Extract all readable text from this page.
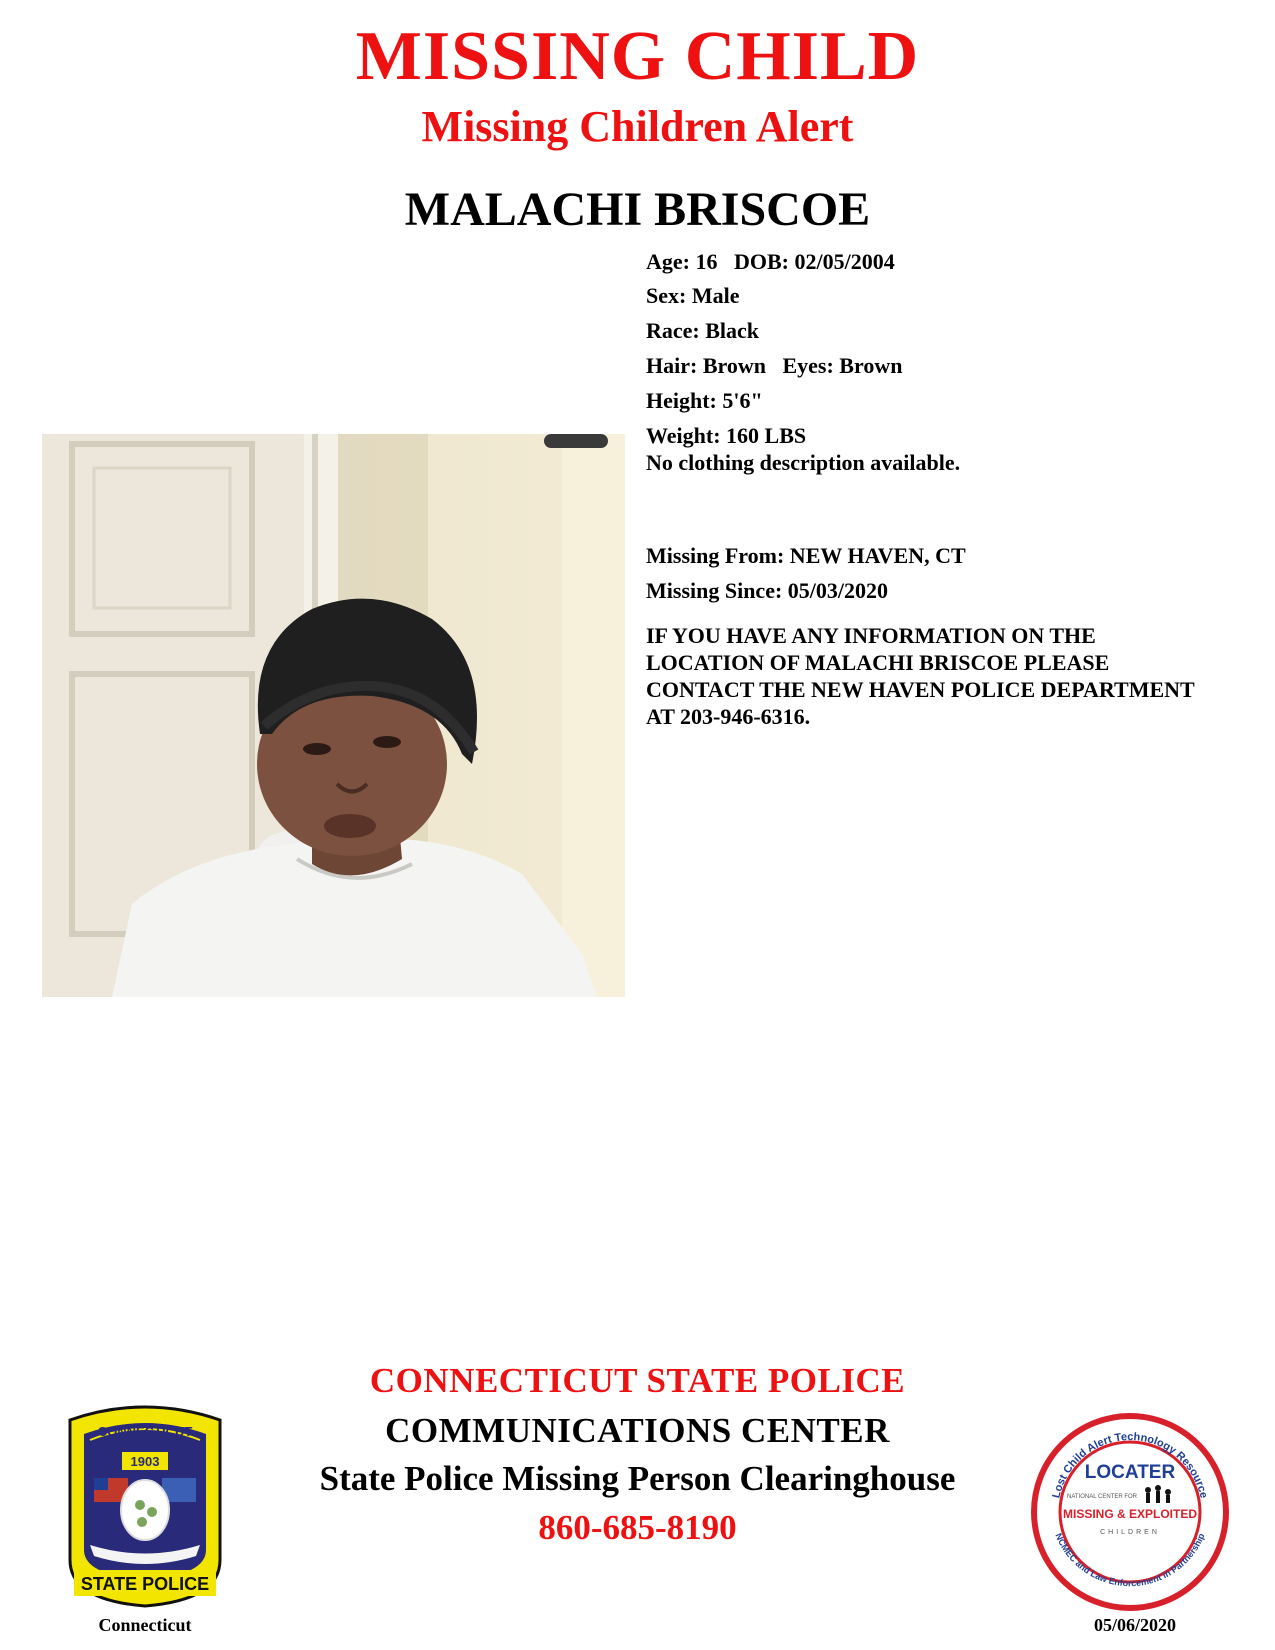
MISSING CHILD
Missing Children Alert
MALACHI BRISCOE
Age: 16   DOB: 02/05/2004
Sex: Male
Race: Black
Hair: Brown   Eyes: Brown
Height: 5'6"
Weight: 160 LBS
No clothing description available.
Missing From: NEW HAVEN, CT
Missing Since: 05/03/2020
IF YOU HAVE ANY INFORMATION ON THE LOCATION OF MALACHI BRISCOE PLEASE CONTACT THE NEW HAVEN POLICE DEPARTMENT AT 203-946-6316.
CONNECTICUT STATE POLICE
COMMUNICATIONS CENTER
State Police Missing Person Clearinghouse
860-685-8190
CONNECTICUT
1903
STATE POLICE
Connecticut
Lost Child Alert Technology Resource
NCMEC and Law Enforcement in Partnership
LOCATER
NATIONAL CENTER FOR
MISSING & EXPLOITED
CHILDREN
05/06/2020
